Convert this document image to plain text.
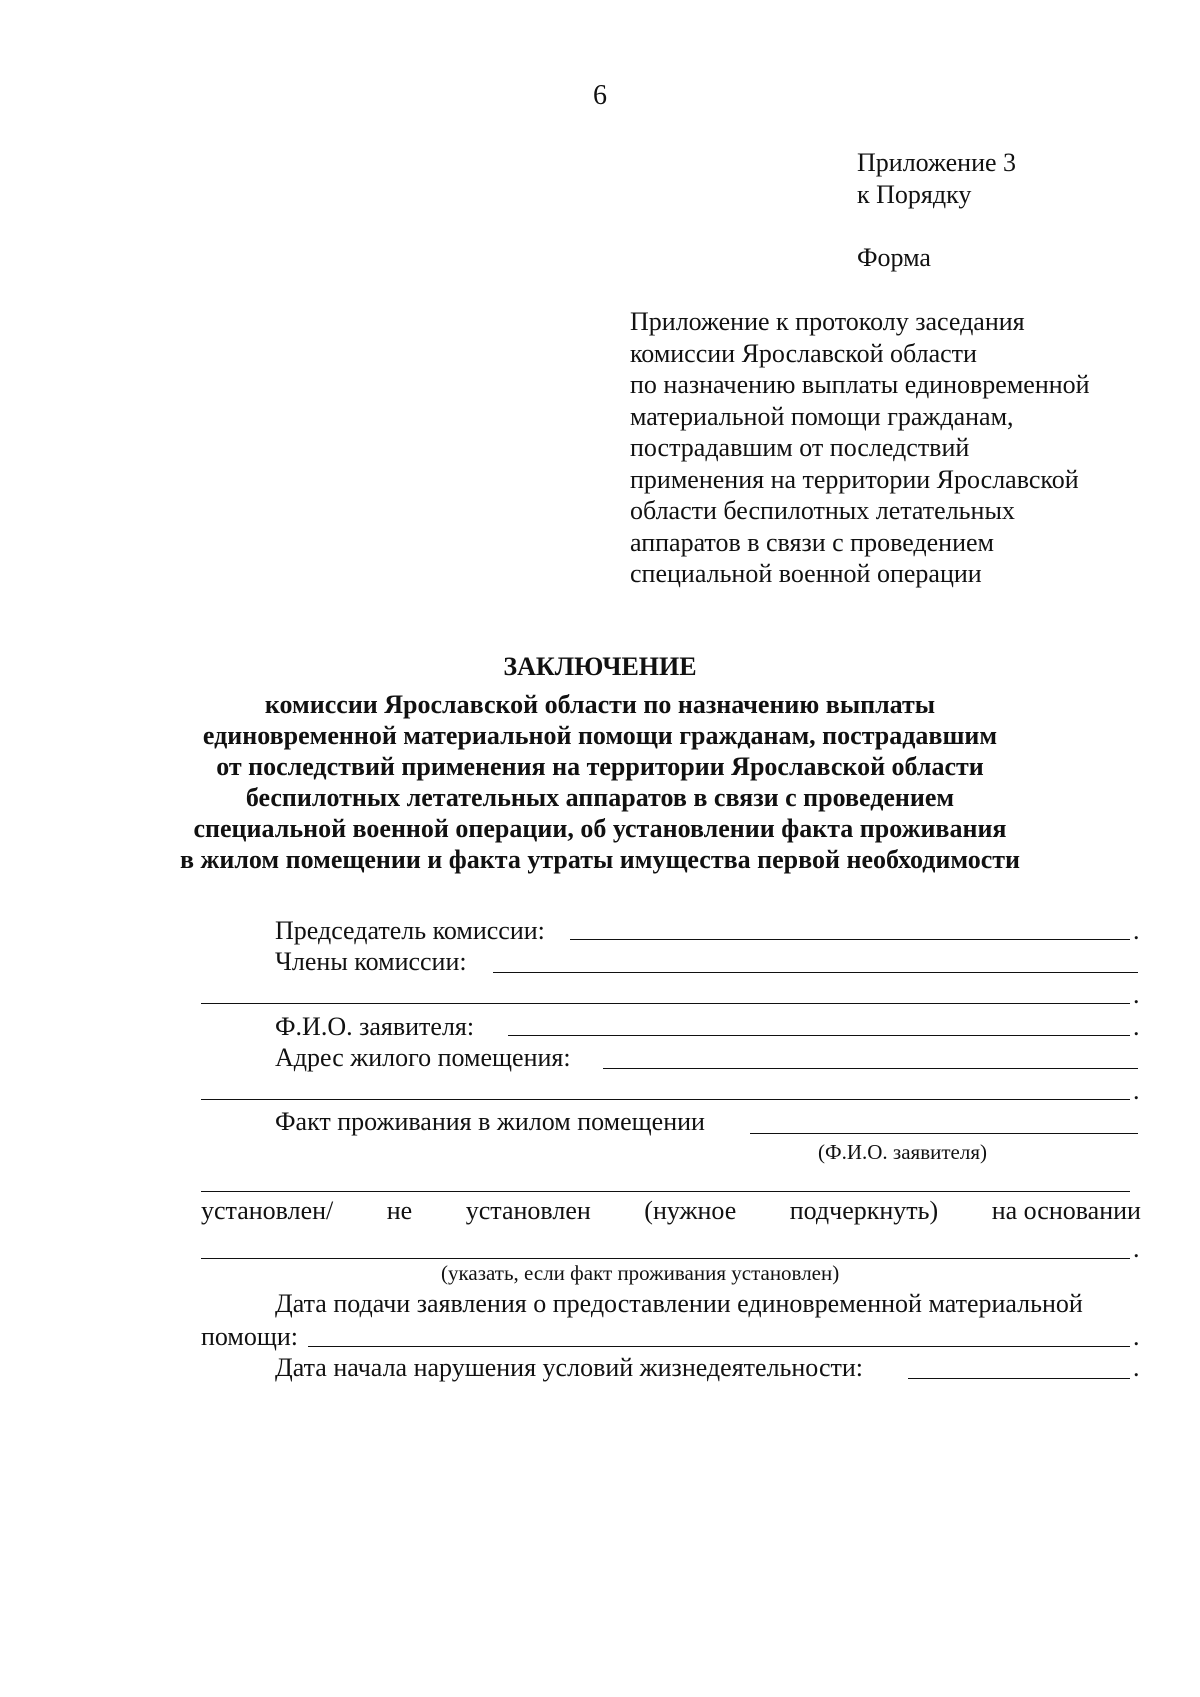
6
Приложение 3
к Порядку
Форма
Приложение к протоколу заседания
комиссии Ярославской области
по назначению выплаты единовременной
материальной помощи гражданам,
пострадавшим от последствий
применения на территории Ярославской
области беспилотных летательных
аппаратов в связи с проведением
специальной военной операции
ЗАКЛЮЧЕНИЕ
комиссии Ярославской области по назначению выплаты
единовременной материальной помощи гражданам, пострадавшим
от последствий применения на территории Ярославской области
беспилотных летательных аппаратов в связи с проведением
специальной военной операции, об установлении факта проживания
в жилом помещении и факта утраты имущества первой необходимости
Председатель комиссии:	.
Члены комиссии:
.
Ф.И.О. заявителя:	.
Адрес жилого помещения:
.
Факт проживания в жилом помещении
(Ф.И.О. заявителя)
установлен/ не установлен (нужное подчеркнуть) на основании
.
(указать, если факт проживания установлен)
Дата подачи заявления о предоставлении единовременной материальной
помощи:	.
Дата начала нарушения условий жизнедеятельности:	.
